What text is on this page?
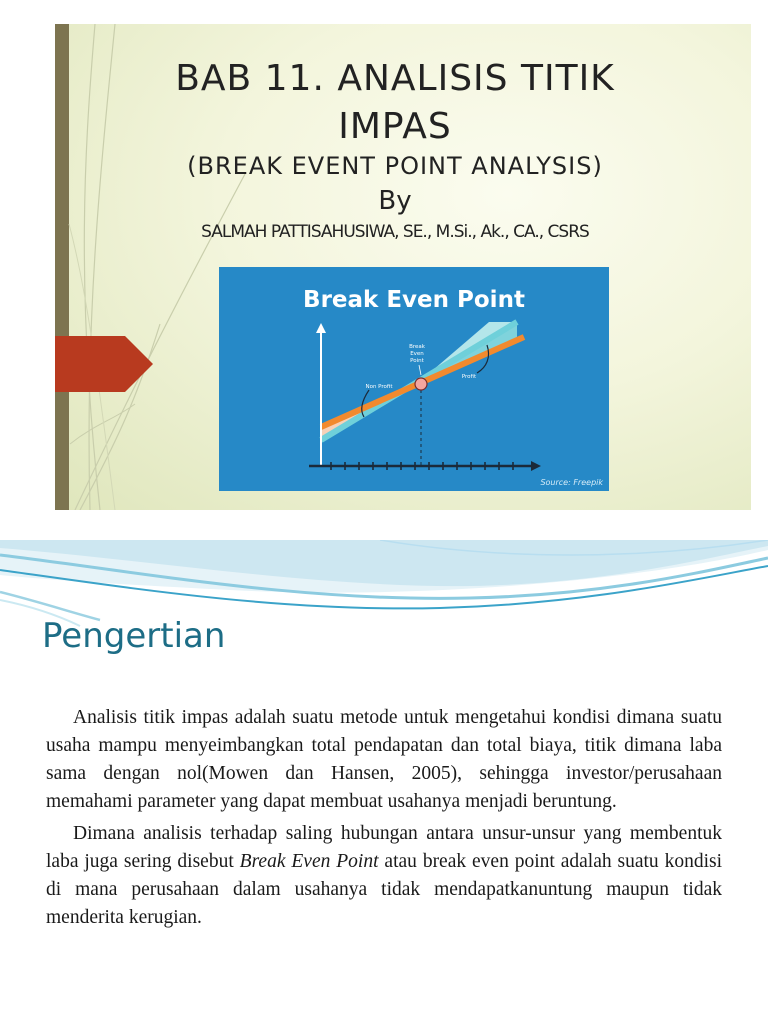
BAB 11. ANALISIS TITIK
IMPAS
(BREAK EVENT POINT ANALYSIS)
By
SALMAH PATTISAHUSIWA, SE., M.Si., Ak., CA., CSRS
Break Even Point
Break
Even
Point
Non Profit
Profit
Source: Freepik
Pengertian

Analisis titik impas adalah suatu metode untuk mengetahui kondisi dimana suatu usaha mampu menyeimbangkan total pendapatan dan total biaya, titik dimana laba sama dengan nol(Mowen dan Hansen, 2005), sehingga investor/perusahaan memahami parameter yang dapat membuat usahanya menjadi beruntung.

Dimana analisis terhadap saling hubungan antara unsur-unsur yang membentuk laba juga sering disebut Break Even Point atau break even point adalah suatu kondisi di mana perusahaan dalam usahanya tidak mendapatkanuntung maupun tidak menderita kerugian.
